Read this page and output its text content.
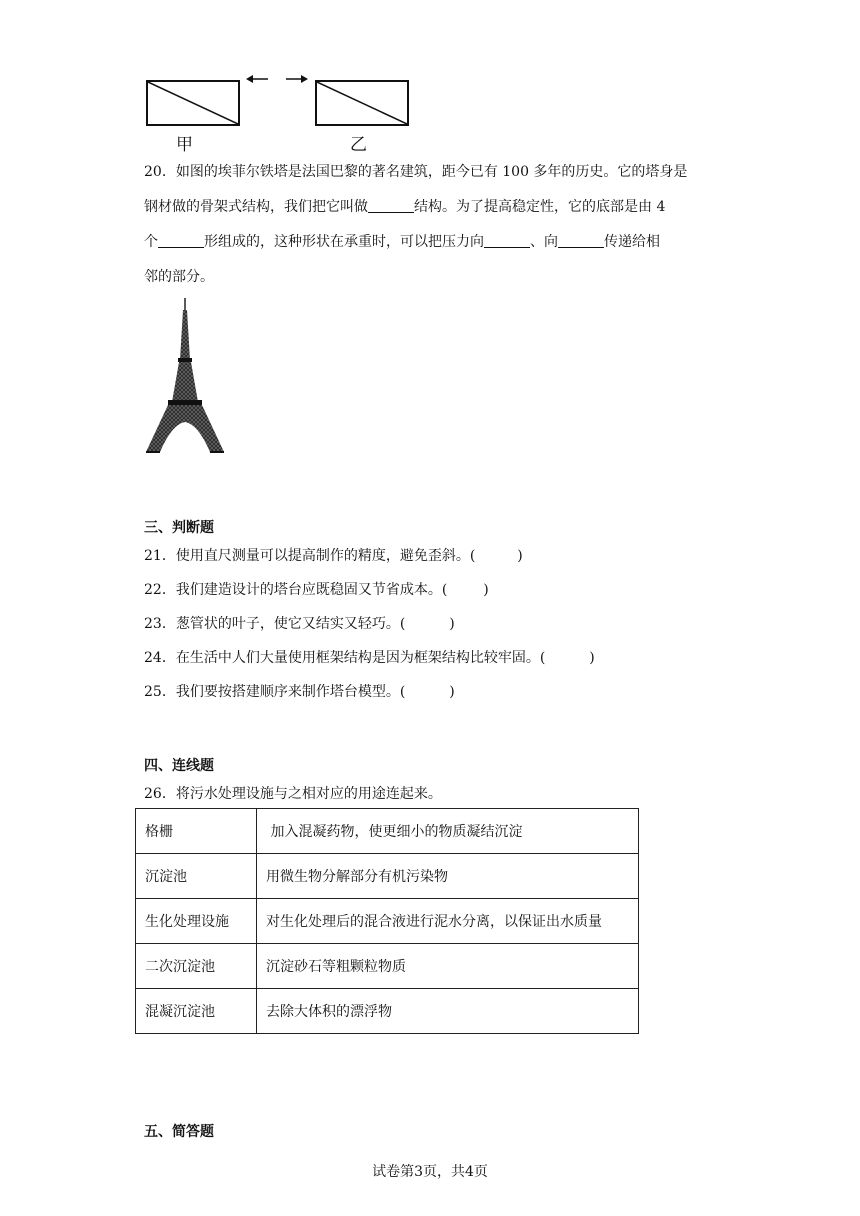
甲	乙
20．如图的埃菲尔铁塔是法国巴黎的著名建筑，距今已有 100 多年的历史。它的塔身是
钢材做的骨架式结构，我们把它叫做	结构。为了提高稳定性，它的底部是由 4
个	形组成的，这种形状在承重时，可以把压力向	、向	传递给相
邻的部分。
三、判断题
21．使用直尺测量可以提高制作的精度，避免歪斜。(	)
22．我们建造设计的塔台应既稳固又节省成本。(	)
23．葱管状的叶子，使它又结实又轻巧。(	)
24．在生活中人们大量使用框架结构是因为框架结构比较牢固。(	)
25．我们要按搭建顺序来制作塔台模型。(	)
四、连线题
26．将污水处理设施与之相对应的用途连起来。
格栅	加入混凝药物，使更细小的物质凝结沉淀
沉淀池	用微生物分解部分有机污染物
生化处理设施	对生化处理后的混合液进行泥水分离，以保证出水质量
二次沉淀池	沉淀砂石等粗颗粒物质
混凝沉淀池	去除大体积的漂浮物
五、简答题
试卷第3页，共4页
